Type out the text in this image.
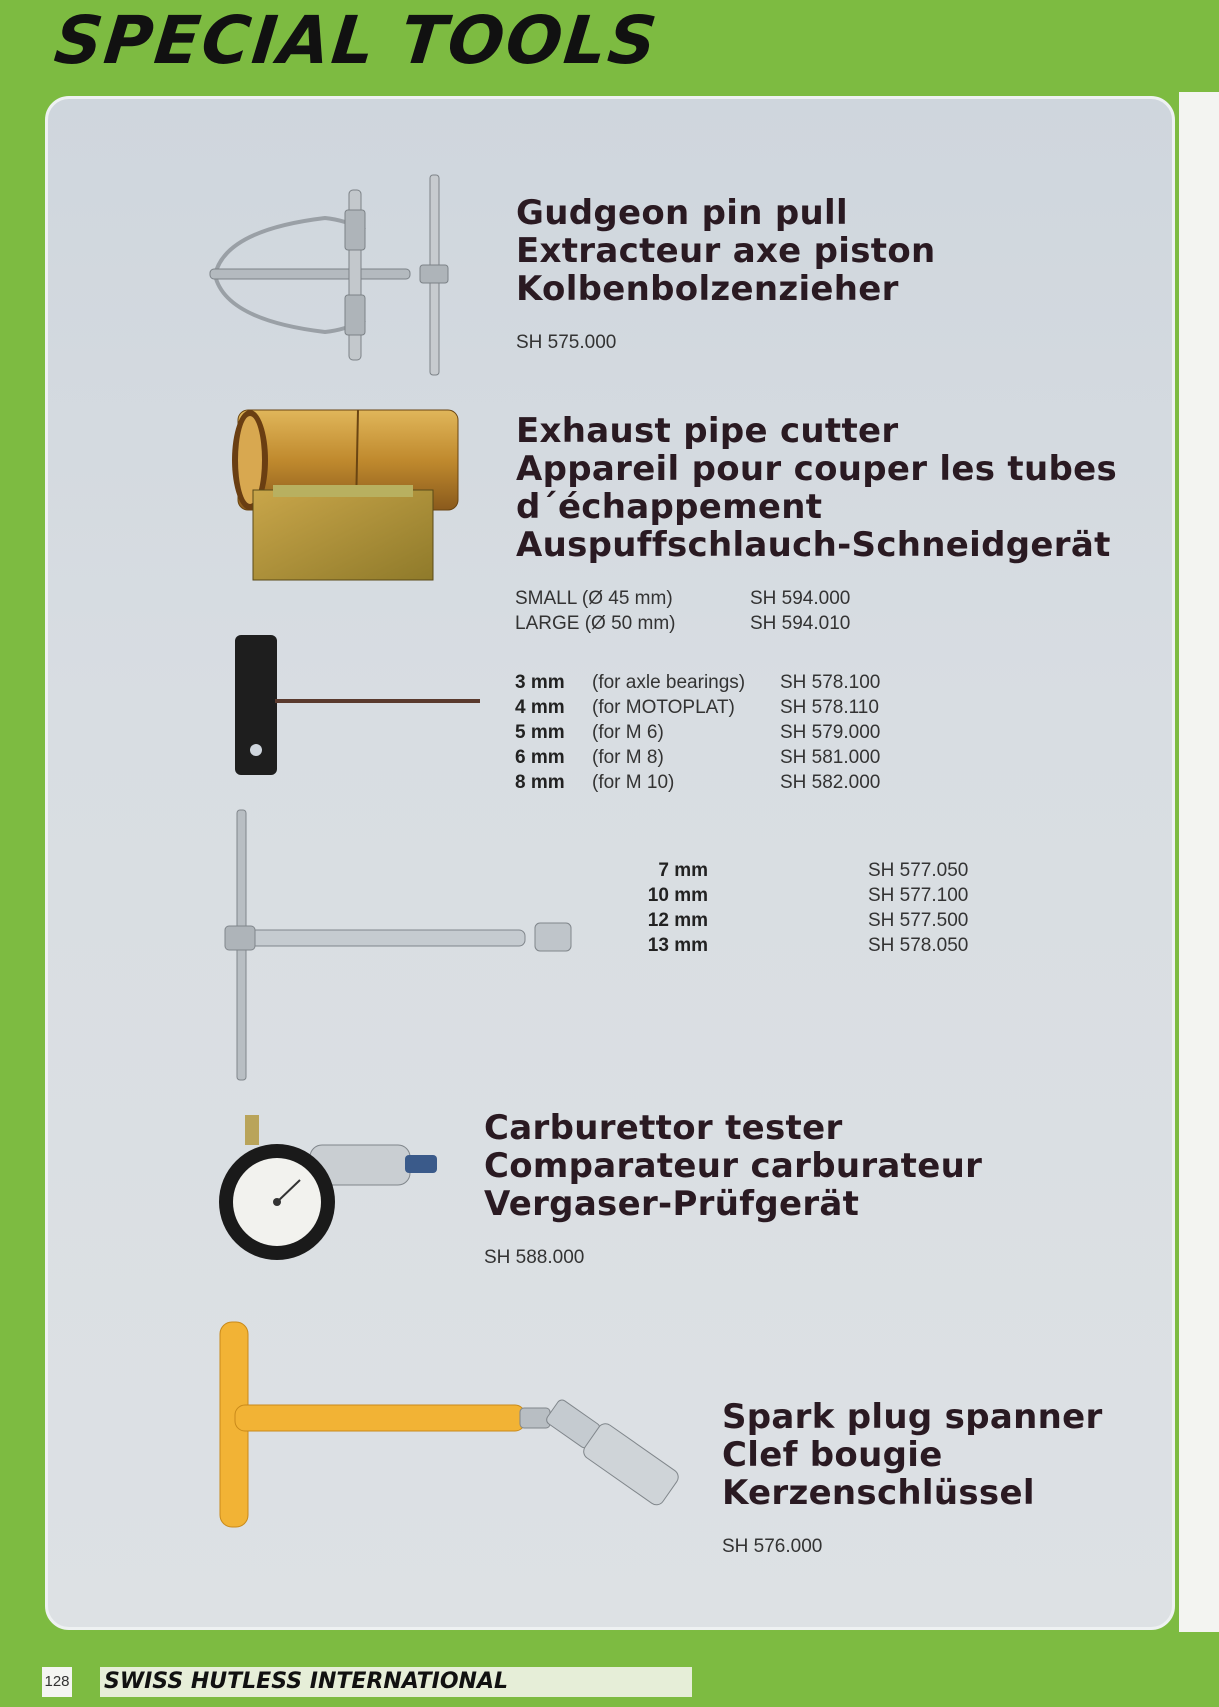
SPECIAL TOOLS
Gudgeon pin pull
Extracteur axe piston
Kolbenbolzenzieher
SH 575.000
Exhaust pipe cutter
Appareil pour couper les tubes
d´échappement
Auspuffschlauch-Schneidgerät
SMALL (Ø 45 mm)	SH 594.000
LARGE (Ø 50 mm)	SH 594.010
3 mm	(for axle bearings)	SH 578.100
4 mm	(for MOTOPLAT)	SH 578.110
5 mm	(for M 6)	SH 579.000
6 mm	(for M 8)	SH 581.000
8 mm	(for M 10)	SH 582.000
7 mm	SH 577.050
10 mm	SH 577.100
12 mm	SH 577.500
13 mm	SH 578.050
Carburettor tester
Comparateur carburateur
Vergaser-Prüfgerät
SH 588.000
Spark plug spanner
Clef bougie
Kerzenschlüssel
SH 576.000
128 SWISS HUTLESS INTERNATIONAL
